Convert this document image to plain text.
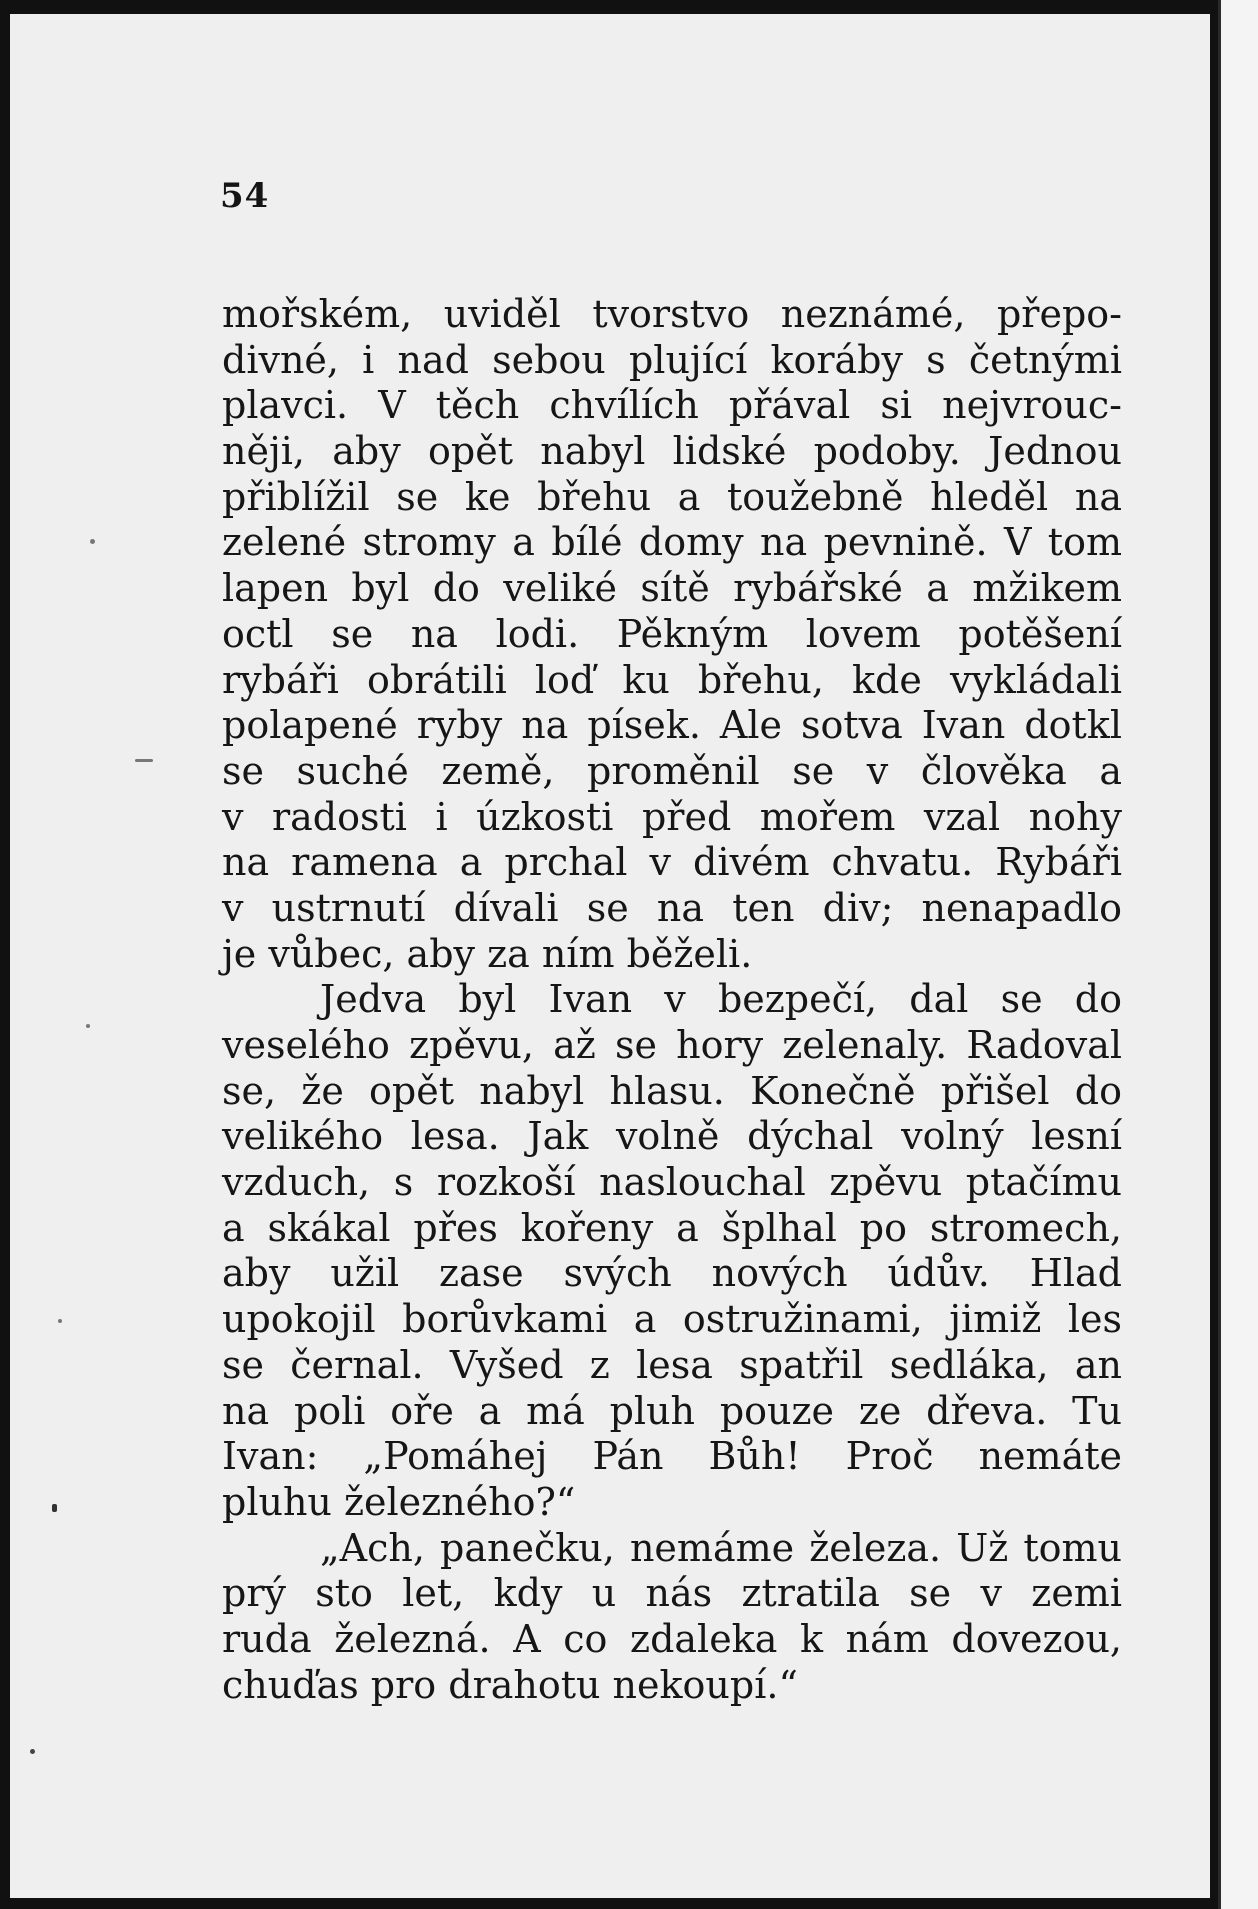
54
mořském, uviděl tvorstvo neznámé, přepo-
divné, i nad sebou plující koráby s četnými
plavci. V těch chvílích přával si nejvrouc-
něji, aby opět nabyl lidské podoby. Jednou
přiblížil se ke břehu a toužebně hleděl na
zelené stromy a bílé domy na pevnině. V tom
lapen byl do veliké sítě rybářské a mžikem
octl se na lodi. Pěkným lovem potěšení
rybáři obrátili loď ku břehu, kde vykládali
polapené ryby na písek. Ale sotva Ivan dotkl
se suché země, proměnil se v člověka a
v radosti i úzkosti před mořem vzal nohy
na ramena a prchal v divém chvatu. Rybáři
v ustrnutí dívali se na ten div; nenapadlo
je vůbec, aby za ním běželi.
Jedva byl Ivan v bezpečí, dal se do
veselého zpěvu, až se hory zelenaly. Radoval
se, že opět nabyl hlasu. Konečně přišel do
velikého lesa. Jak volně dýchal volný lesní
vzduch, s rozkoší naslouchal zpěvu ptačímu
a skákal přes kořeny a šplhal po stromech,
aby užil zase svých nových údův. Hlad
upokojil borůvkami a ostružinami, jimiž les
se černal. Vyšed z lesa spatřil sedláka, an
na poli oře a má pluh pouze ze dřeva. Tu
Ivan: „Pomáhej Pán Bůh! Proč nemáte
pluhu železného?“
„Ach, panečku, nemáme železa. Už tomu
prý sto let, kdy u nás ztratila se v zemi
ruda železná. A co zdaleka k nám dovezou,
chuďas pro drahotu nekoupí.“
